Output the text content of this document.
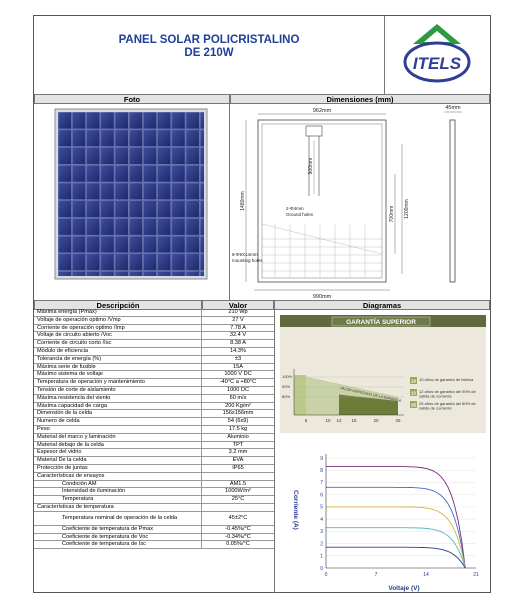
PANEL SOLAR POLICRISTALINO
DE 210W
ITELS
Foto	Dimensiones (mm)
962mm	45mm
900mm
1480mm
700mm 1200mm
2-Φ4mm
Ground holes
8-Φ9X14mm
mounting holes
990mm
Descripción	Valor	Diagramas
Máxima energía (Pmax)	210 Wp
Voltaje de operación optimo /Vmp	27 V
Corriente de operación optimo /Imp	7.78 A
Voltaje de circuito abierto /Voc	32.4 V
Corriente de circuito corto /Isc	8.38 A
Módulo de eficiencia	14.3%
Tolerancia de energía (%)	±3
Máxima serie de fusible	15A
Máximo sistema de voltaje	1000 V DC
Temperatura de operación y mantenimiento	-40°C a +80°C
Tensión de corte de aislamiento	1000 DC
Máxima resistencia del viento	60 m/s
Máxima capacidad de carga	200 Kg/m²
Dimensión de la celda	156x156mm
Numero de celda	54 (6x9)
Peso	17.5 kg
Material del marco y laminación	Aluminio
Material debajo de la celda	TPT
Espesor del vidrio	3.2 mm
Material De la celda	EVA
Protección de juntas	IP65
Características de ensayos
Condición AM	AM1.5
Intensidad de iluminación	1000W/m²
Temperatura	25°C
Características de temperatura
Temperatura nominal de operación de la celda	45±2°C
Coeficiente de temperatura de Pmax	-0.45%/°C
Coeficiente de temperatura de Voc	-0.34%/°C
Coeficiente de temperatura de Isc	0.05%/°C
GARANTÍA SUPERIOR
VALOR AGREGADO DE LA GARANTÍA
100%
90%
80%
5	10 12 15	20	25
10 10 años de garantía de fabrica
12 12 años de garantía del 90% de salida de corriente
25 25 años de garantía del 80% de salida de corriente
0
1
2
3
4
5
6
7
8
9
0	7	14	21
Corriente (A)
Voltaje (V)
